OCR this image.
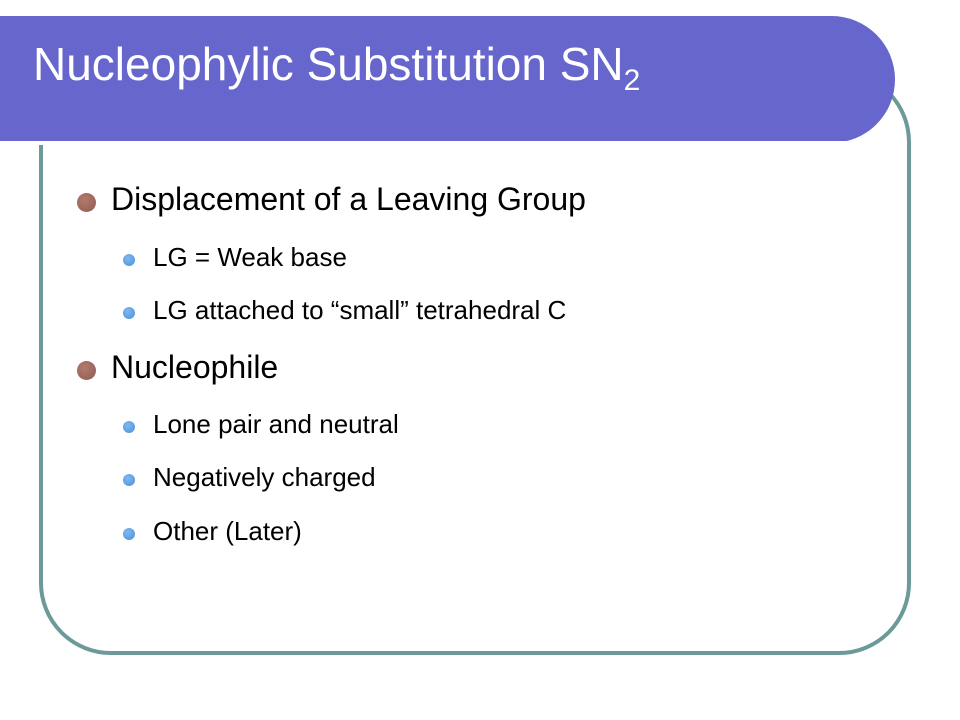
Nucleophylic Substitution $SN_2$
Displacement of a Leaving Group
LG = Weak base
LG attached to “small” tetrahedral C
Nucleophile
Lone pair and neutral
Negatively charged
Other (Later)
